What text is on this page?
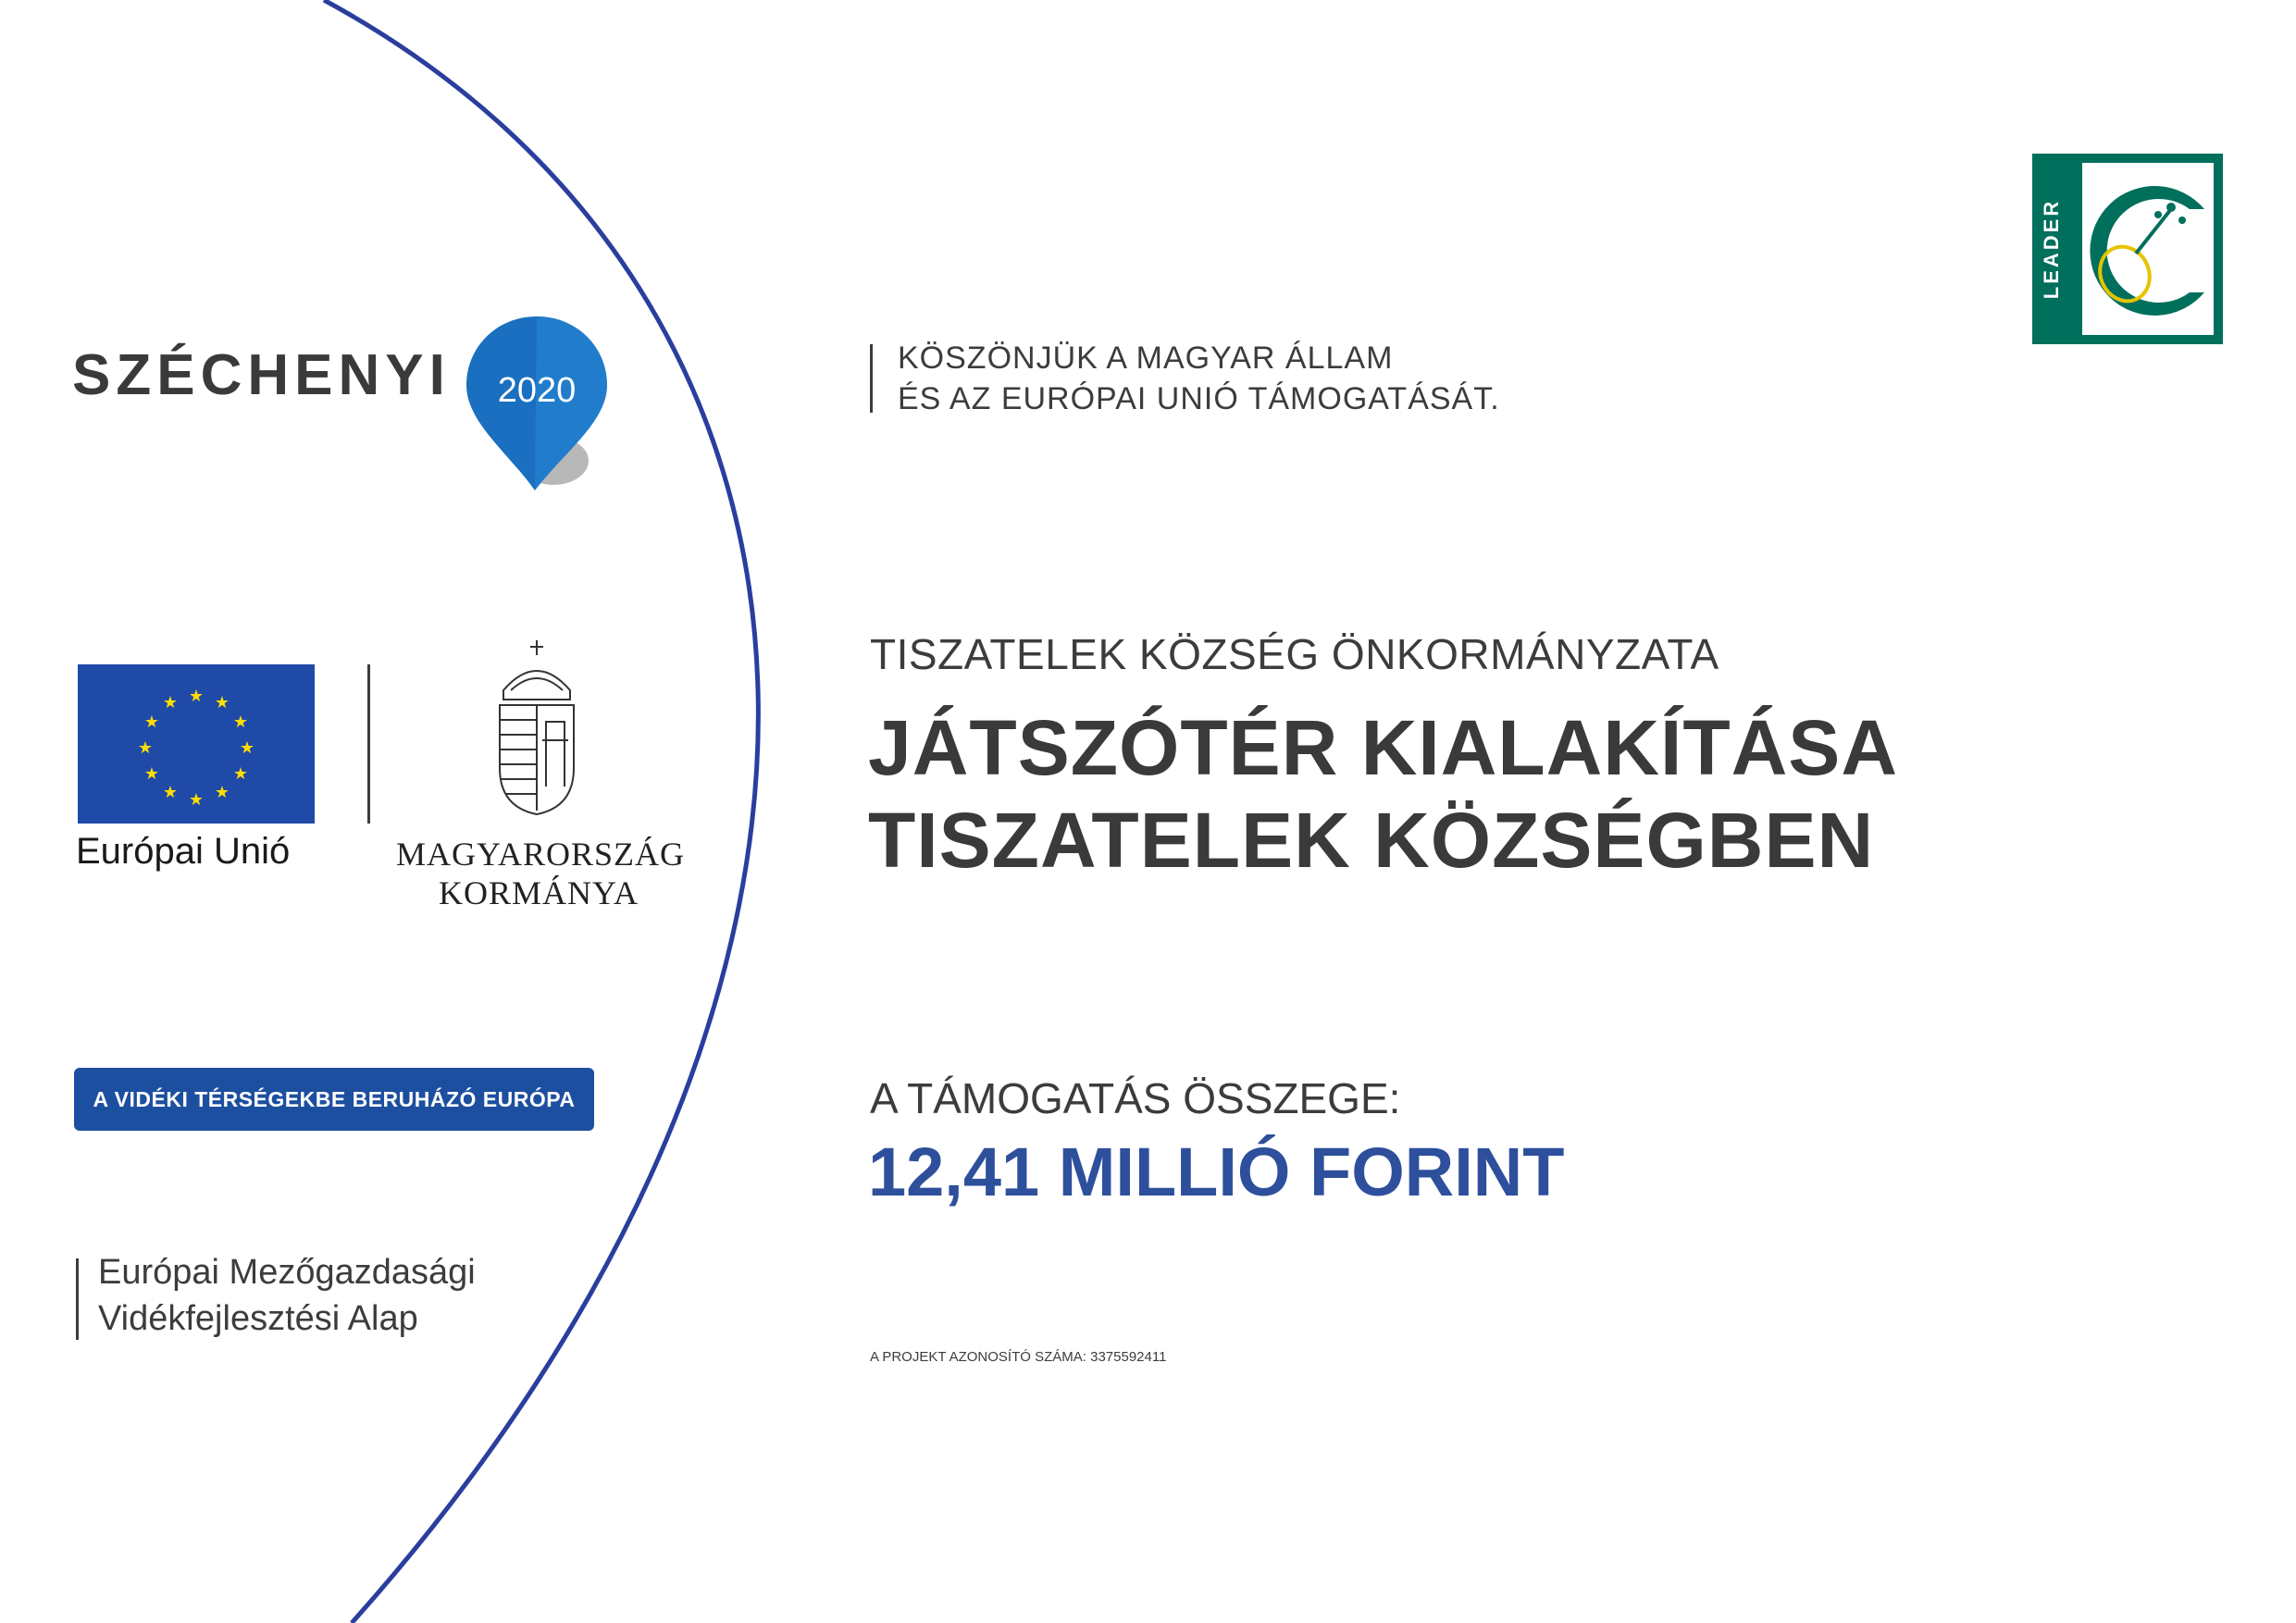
SZÉCHENYI 2020
KÖSZÖNJÜK A MAGYAR ÁLLAM
ÉS AZ EURÓPAI UNIÓ TÁMOGATÁSÁT.
LEADER
★ ★
★
★
★
★
★
★
★
★
★
★
Európai Unió	MAGYARORSZÁG
KORMÁNYA
A VIDÉKI TÉRSÉGEKBE BERUHÁZÓ EURÓPA
Európai Mezőgazdasági
Vidékfejlesztési Alap
TISZATELEK KÖZSÉG ÖNKORMÁNYZATA
JÁTSZÓTÉR KIALAKÍTÁSA
TISZATELEK KÖZSÉGBEN
A TÁMOGATÁS ÖSSZEGE:
12,41 MILLIÓ FORINT
A PROJEKT AZONOSÍTÓ SZÁMA: 3375592411
